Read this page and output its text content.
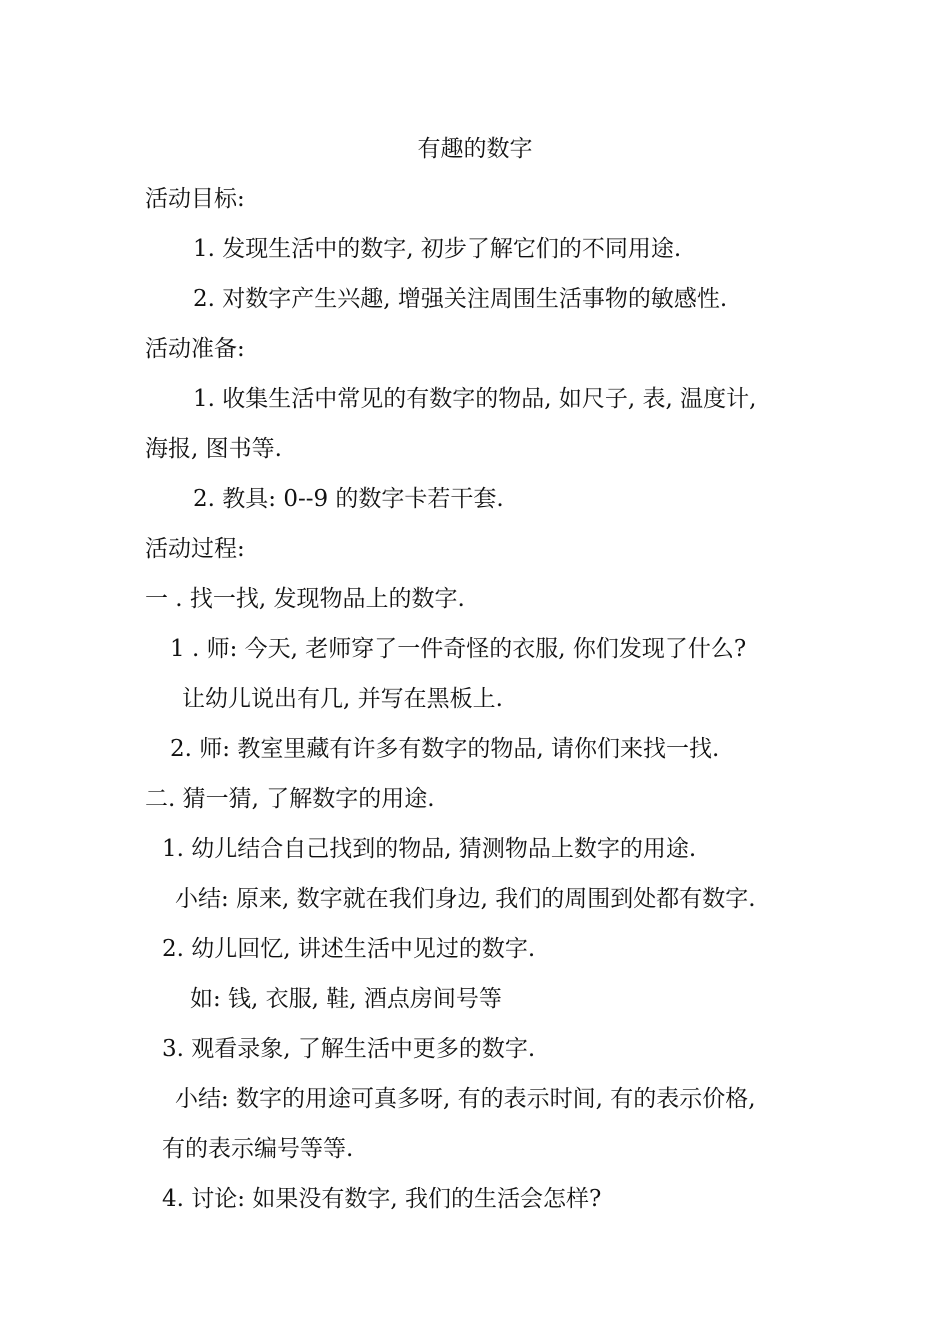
有趣的数字
活动目标:
1. 发现生活中的数字, 初步了解它们的不同用途.
2. 对数字产生兴趣, 增强关注周围生活事物的敏感性.
活动准备:
1. 收集生活中常见的有数字的物品, 如尺子, 表, 温度计,
海报, 图书等.
2. 教具: 0--9 的数字卡若干套.
活动过程:
一 . 找一找, 发现物品上的数字.
1 . 师: 今天, 老师穿了一件奇怪的衣服, 你们发现了什么?
让幼儿说出有几, 并写在黑板上.
2. 师: 教室里藏有许多有数字的物品, 请你们来找一找.
二. 猜一猜, 了解数字的用途.
1. 幼儿结合自己找到的物品, 猜测物品上数字的用途.
小结: 原来, 数字就在我们身边, 我们的周围到处都有数字.
2. 幼儿回忆, 讲述生活中见过的数字.
如: 钱, 衣服, 鞋, 酒点房间号等
3. 观看录象, 了解生活中更多的数字.
小结: 数字的用途可真多呀, 有的表示时间, 有的表示价格,
有的表示编号等等.
4. 讨论: 如果没有数字, 我们的生活会怎样?
